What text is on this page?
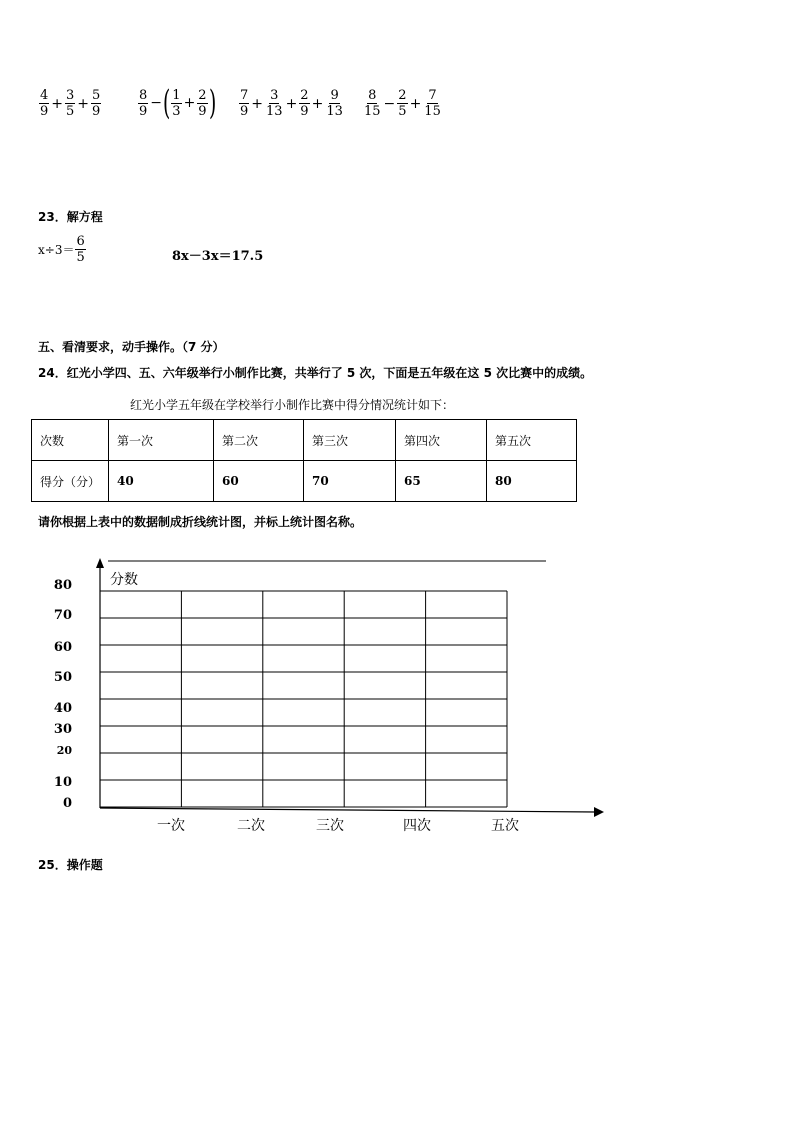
$\frac{4}{9} + \frac{3}{5} + \frac{5}{9}$	$\frac{8}{9}$ − ( $\frac{1}{3} + \frac{2}{9}$ ) $\frac{7}{9} + \frac{3}{13} + \frac{2}{9} + \frac{9}{13} \frac{8}{15} - \frac{2}{5} + \frac{7}{15}$
23．解方程
$x\div 3= \frac{6}{5}$	8x－3x＝17.5
五、看清要求，动手操作。（7 分）
24．红光小学四、五、六年级举行小制作比赛，共举行了 5 次，下面是五年级在这 5 次比赛中的成绩。
红光小学五年级在学校举行小制作比赛中得分情况统计如下：
次数	第一次	第二次	第三次	第四次	第五次
得分（分）	40	60	70	65	80
请你根据上表中的数据制成折线统计图，并标上统计图名称。
分数
80
70
60
50
40
30
20
10
0
一次	二次	三次	四次	五次
25．操作题
